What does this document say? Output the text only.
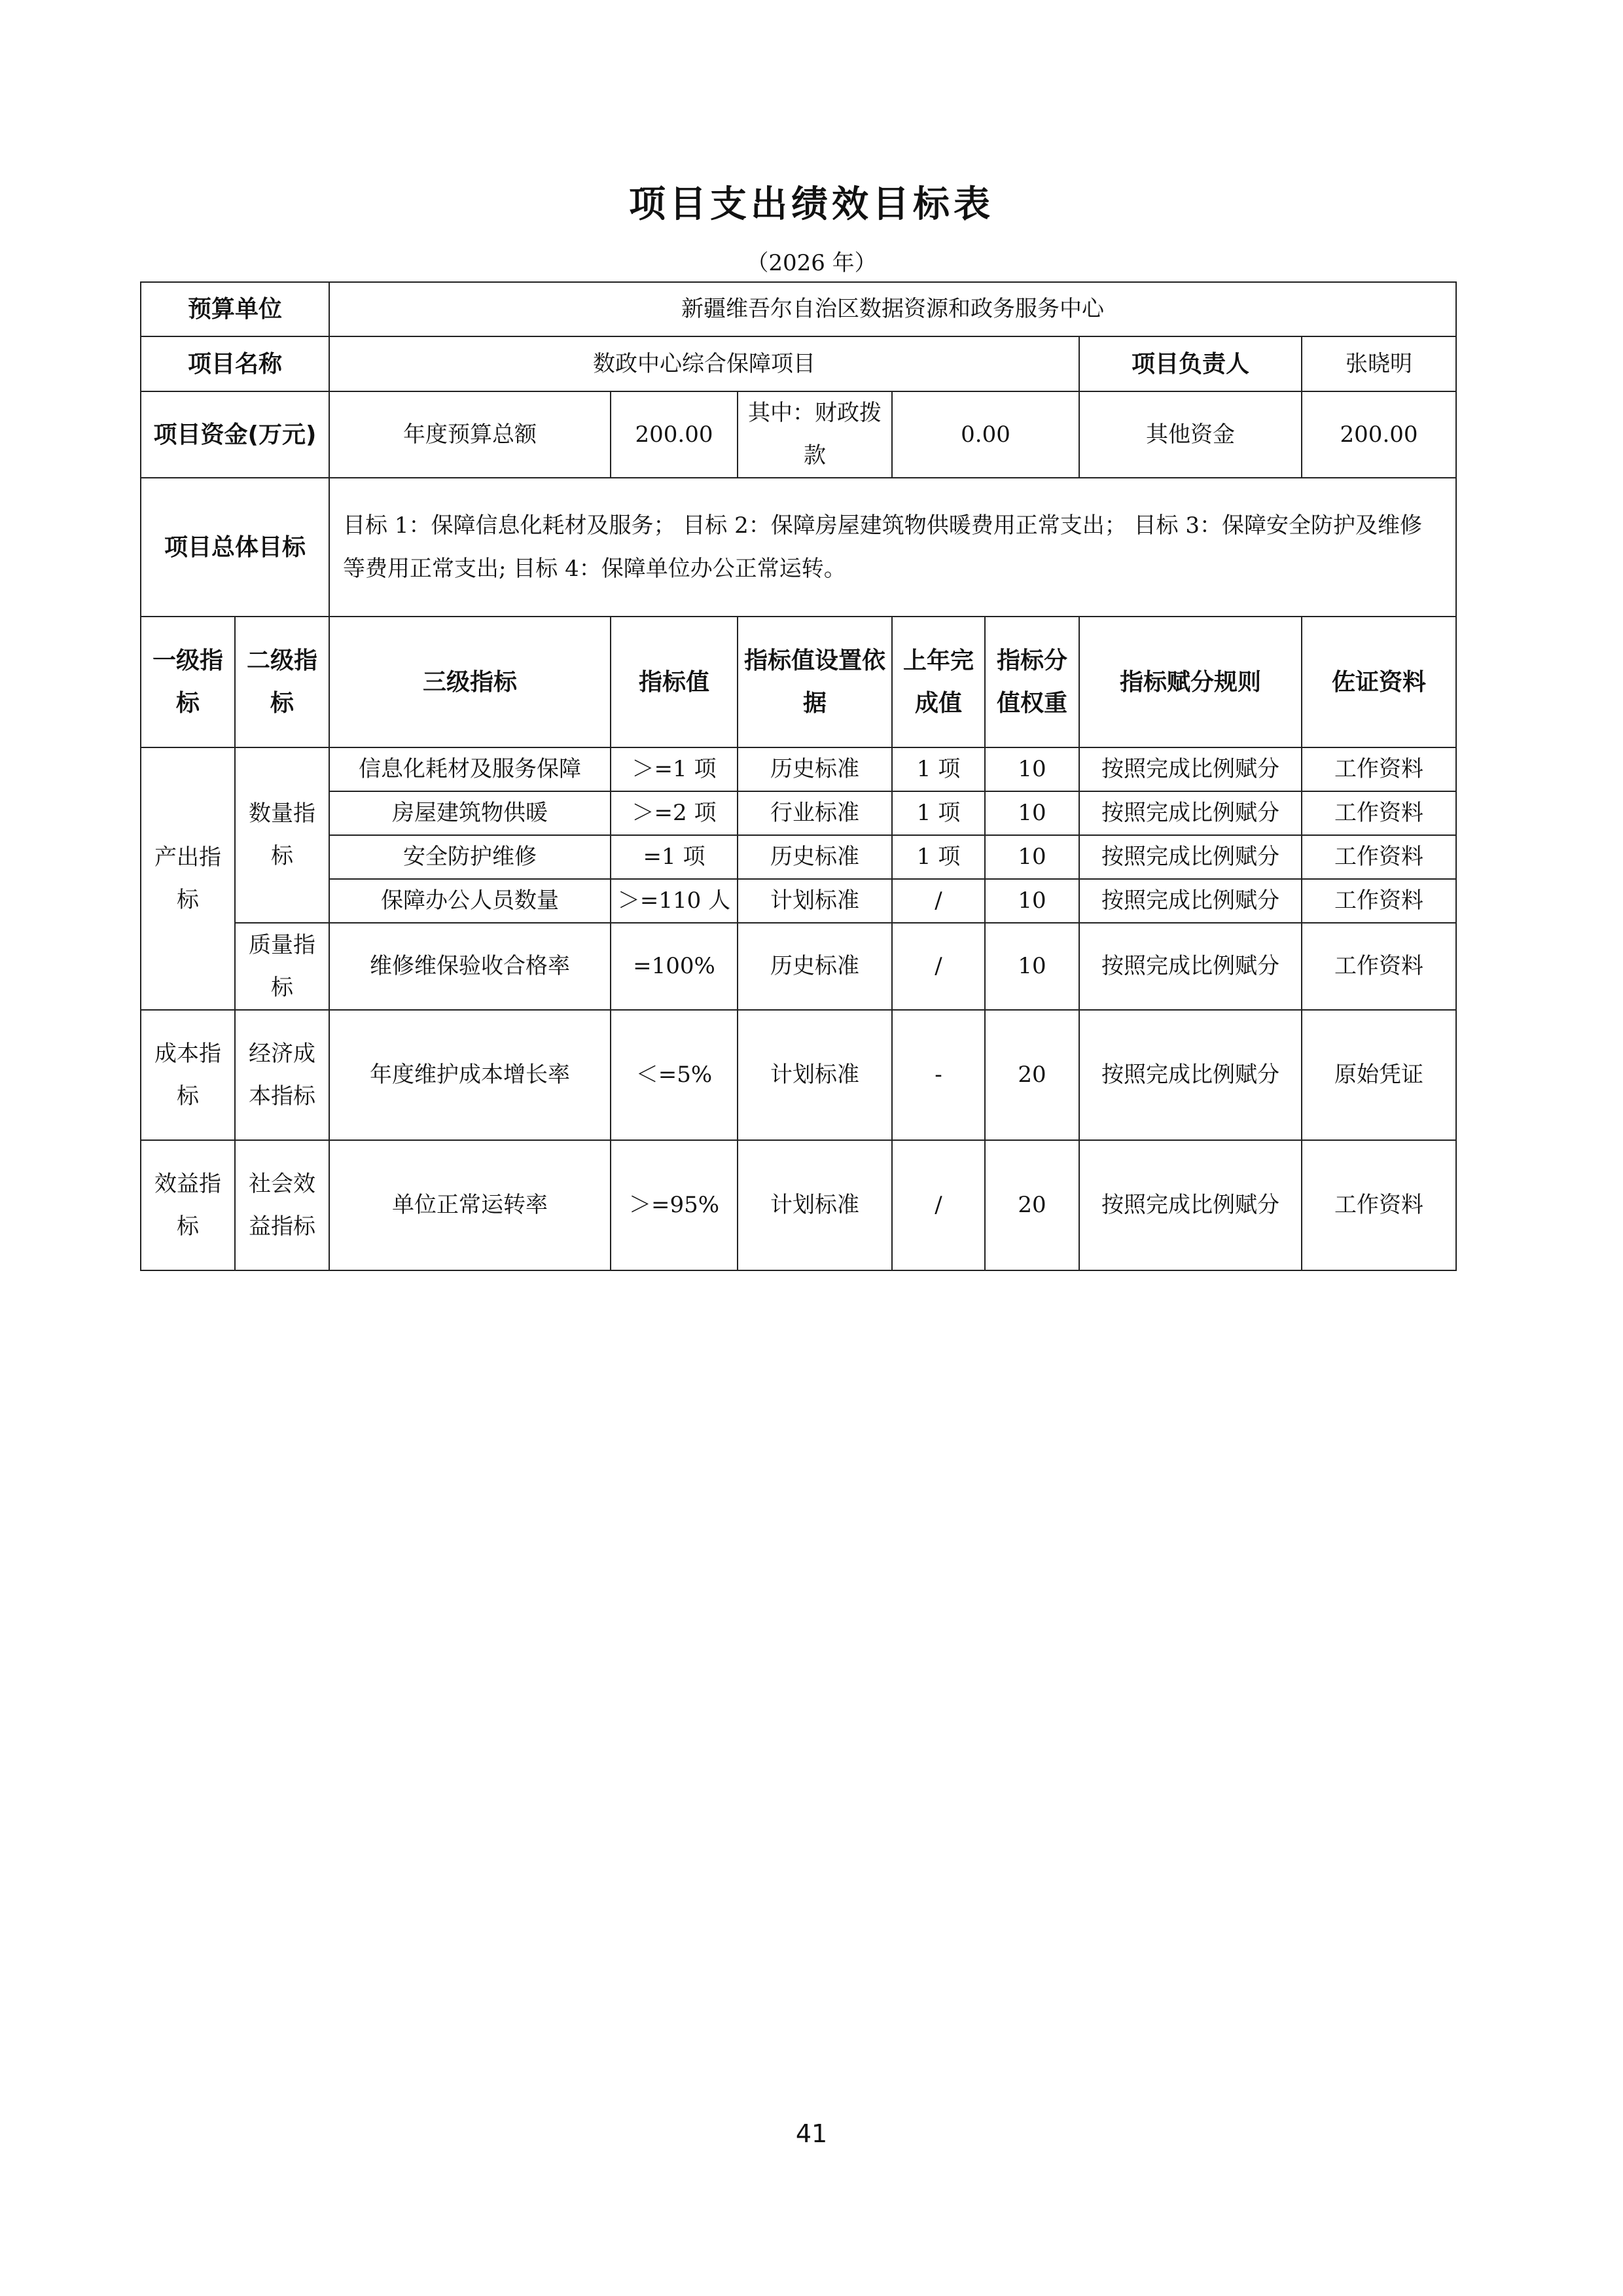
项目支出绩效目标表
（2026 年）
预算单位		新疆维吾尔自治区数据资源和政务服务中心						
项目名称		数政中心综合保障项目					项目负责人	张晓明
项目资金(万元)		年度预算总额	200.00	其中：财政拨款	0.00		其他资金	200.00
项目总体目标		目标 1：保障信息化耗材及服务； 目标 2：保障房屋建筑物供暖费用正常支出； 目标 3：保障安全防护及维修等费用正常支出; 目标 4：保障单位办公正常运转。						
一级指标	二级指标	三级指标	指标值	指标值设置依据	上年完成值	指标分值权重	指标赋分规则	佐证资料
产出指标	数量指标	信息化耗材及服务保障	＞=1 项	历史标准	1 项	10	按照完成比例赋分	工作资料
		房屋建筑物供暖	＞=2 项	行业标准	1 项	10	按照完成比例赋分	工作资料
		安全防护维修	=1 项	历史标准	1 项	10	按照完成比例赋分	工作资料
		保障办公人员数量	＞=110 人	计划标准	/	10	按照完成比例赋分	工作资料
	质量指标	维修维保验收合格率	=100%	历史标准	/	10	按照完成比例赋分	工作资料
成本指标	经济成本指标	年度维护成本增长率	＜=5%	计划标准	-	20	按照完成比例赋分	原始凭证
效益指标	社会效益指标	单位正常运转率	＞=95%	计划标准	/	20	按照完成比例赋分	工作资料
41
